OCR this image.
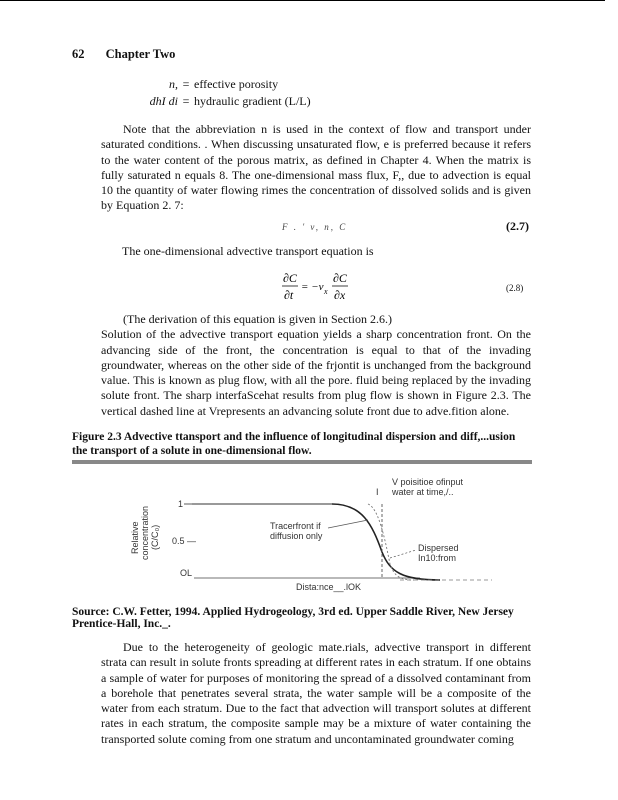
62 Chapter Two
n, = effective porosity
dhI di = hydraulic gradient (L/L)
Note that the abbreviation n is used in the context of flow and transport under saturated conditions. . When discussing unsaturated flow, e is preferred because it refers to the water content of the porous matrix, as defined in Chapter 4. When the matrix is fully saturated n equals 8. The one-dimensional mass flux, F,, due to advection is equal 10 the quantity of water flowing rimes the concentration of dissolved solids and is given by Equation 2. 7:
F . ' v, n, C	(2.7)
The one-dimensional advective transport equation is
∂C
∂t
= −v x
∂C
∂x	(2.8)
(The derivation of this equation is given in Section 2.6.)
Solution of the advective transport equation yields a sharp concentration front. On the advancing side of the front, the concentration is equal to that of the invading groundwater, whereas on the other side of the frjontit is unchanged from the background value. This is known as plug flow, with all the pore. fluid being replaced by the invading solute front. The sharp interfaScehat results from plug flow is shown in Figure 2.3. The vertical dashed line at Vrepresents an advancing solute front due to adve.fition alone.
Figure 2.3 Advective ttansport and the influence of longitudinal dispersion and diff,...usion the transport of a solute in one-dimensional flow.
Relative concentration (C/C₀)
1
0.5 —
OL
V poisitioe ofinput
water at time,/..
I
Tracerfront if
diffusion only
Dispersed
In10:from
Dista:nce__.lOK
Source: C.W. Fetter, 1994. Applied Hydrogeology, 3rd ed. Upper Saddle River, New Jersey Prentice-Hall, Inc._.
Due to the heterogeneity of geologic mate.rials, advective transport in different strata can result in solute fronts spreading at different rates in each stratum. If one obtains a sample of water for purposes of monitoring the spread of a dissolved contaminant from a borehole that penetrates several strata, the water sample will be a composite of the water from each stratum. Due to the fact that advection will transport solutes at different rates in each stratum, the composite sample may be a mixture of water containing the transported solute coming from one stratum and uncontaminated groundwater coming
